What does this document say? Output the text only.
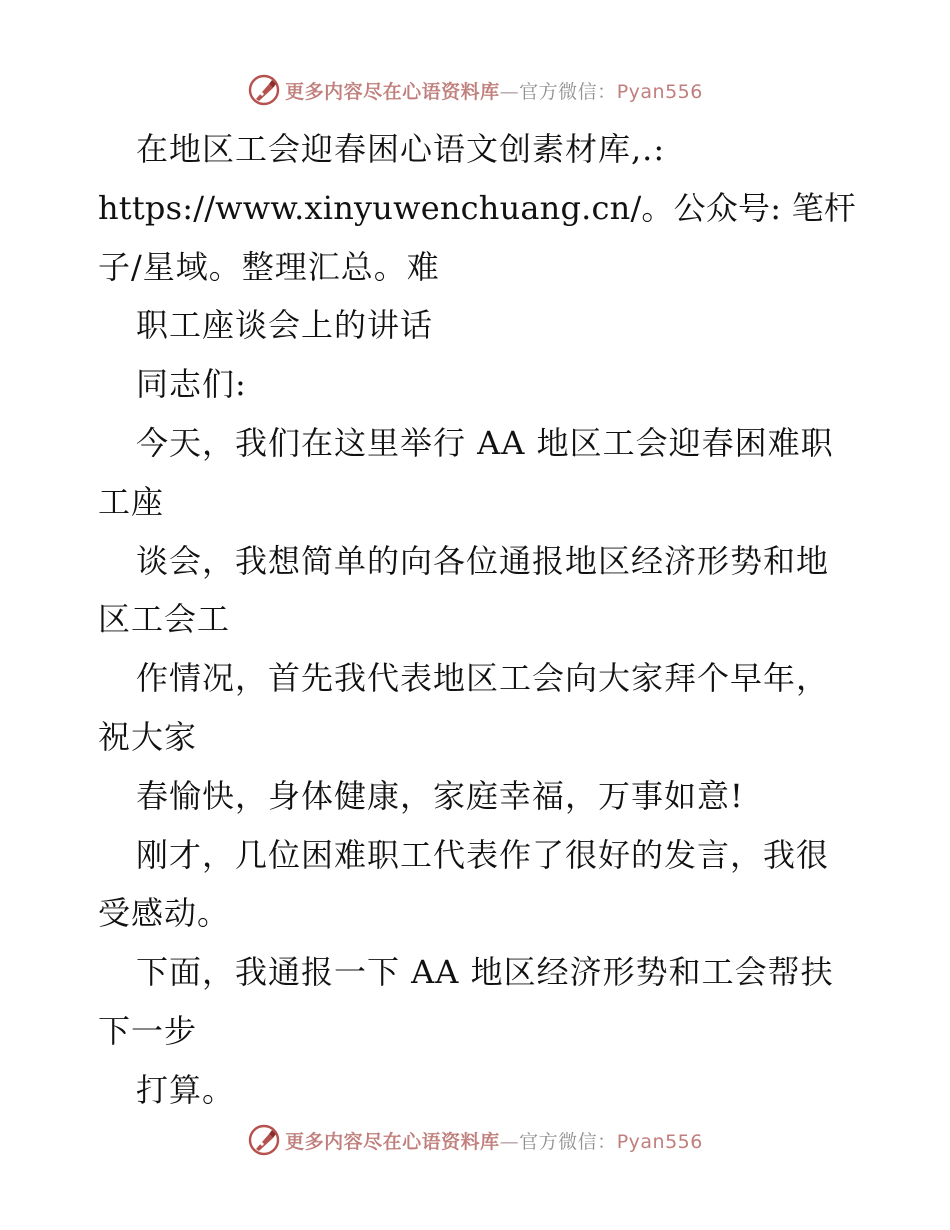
更多内容尽在心语资料库—官方微信：Pyan556
在地区工会迎春困心语文创素材库,.:
https://www.xinyuwenchuang.cn/。公众号: 笔杆
子/星域。整理汇总。难
职工座谈会上的讲话
同志们:
今天，我们在这里举行 AA 地区工会迎春困难职
工座
谈会，我想简单的向各位通报地区经济形势和地
区工会工
作情况，首先我代表地区工会向大家拜个早年，
祝大家
春愉快，身体健康，家庭幸福，万事如意!
刚才，几位困难职工代表作了很好的发言，我很
受感动。
下面，我通报一下 AA 地区经济形势和工会帮扶
下一步
打算。
更多内容尽在心语资料库—官方微信：Pyan556
